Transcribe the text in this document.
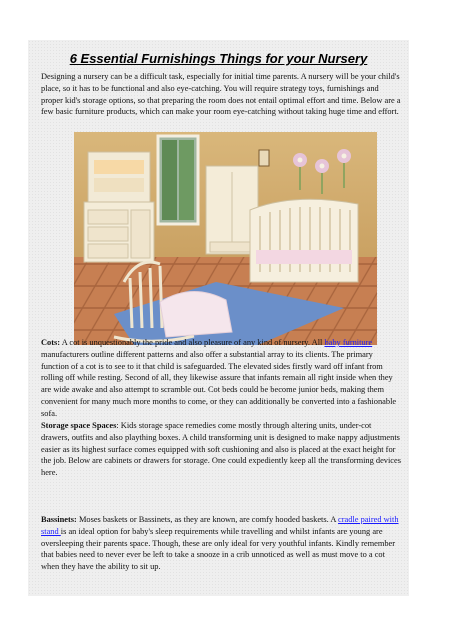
6 Essential Furnishings Things for your Nursery

Designing a nursery can be a difficult task, especially for initial time parents. A nursery will be your child's place, so it has to be functional and also eye-catching. You will require strategy toys, furnishings and proper kid's storage options, so that preparing the room does not entail optimal effort and time. Below are a few basic furniture products, which can make your room eye-catching without taking huge time and effort.

Cots: A cot is unquestionably the pride and also pleasure of any kind of nursery. All baby furniture manufacturers outline different patterns and also offer a substantial array to its clients. The primary function of a cot is to see to it that child is safeguarded. The elevated sides firstly ward off infant from rolling off while resting. Second of all, they likewise assure that infants remain all right inside when they are wide awake and also attempt to scramble out. Cot beds could be become junior beds, making them convenient for many much more months to come, or they can additionally be converted into a fashionable sofa.

Storage space Spaces: Kids storage space remedies come mostly through altering units, under-cot drawers, outfits and also plaything boxes. A child transforming unit is designed to make nappy adjustments easier as its highest surface comes equipped with soft cushioning and also is placed at the exact height for the job. Below are cabinets or drawers for storage. One could expediently keep all the transforming devices here.

Bassinets: Moses baskets or Bassinets, as they are known, are comfy hooded baskets. A cradle paired with stand is an ideal option for baby's sleep requirements while travelling and whilst infants are young are oversleeping their parents space. Though, these are only ideal for very youthful infants. Kindly remember that babies need to never ever be left to take a snooze in a crib unnoticed as well as must move to a cot when they have the ability to sit up.
